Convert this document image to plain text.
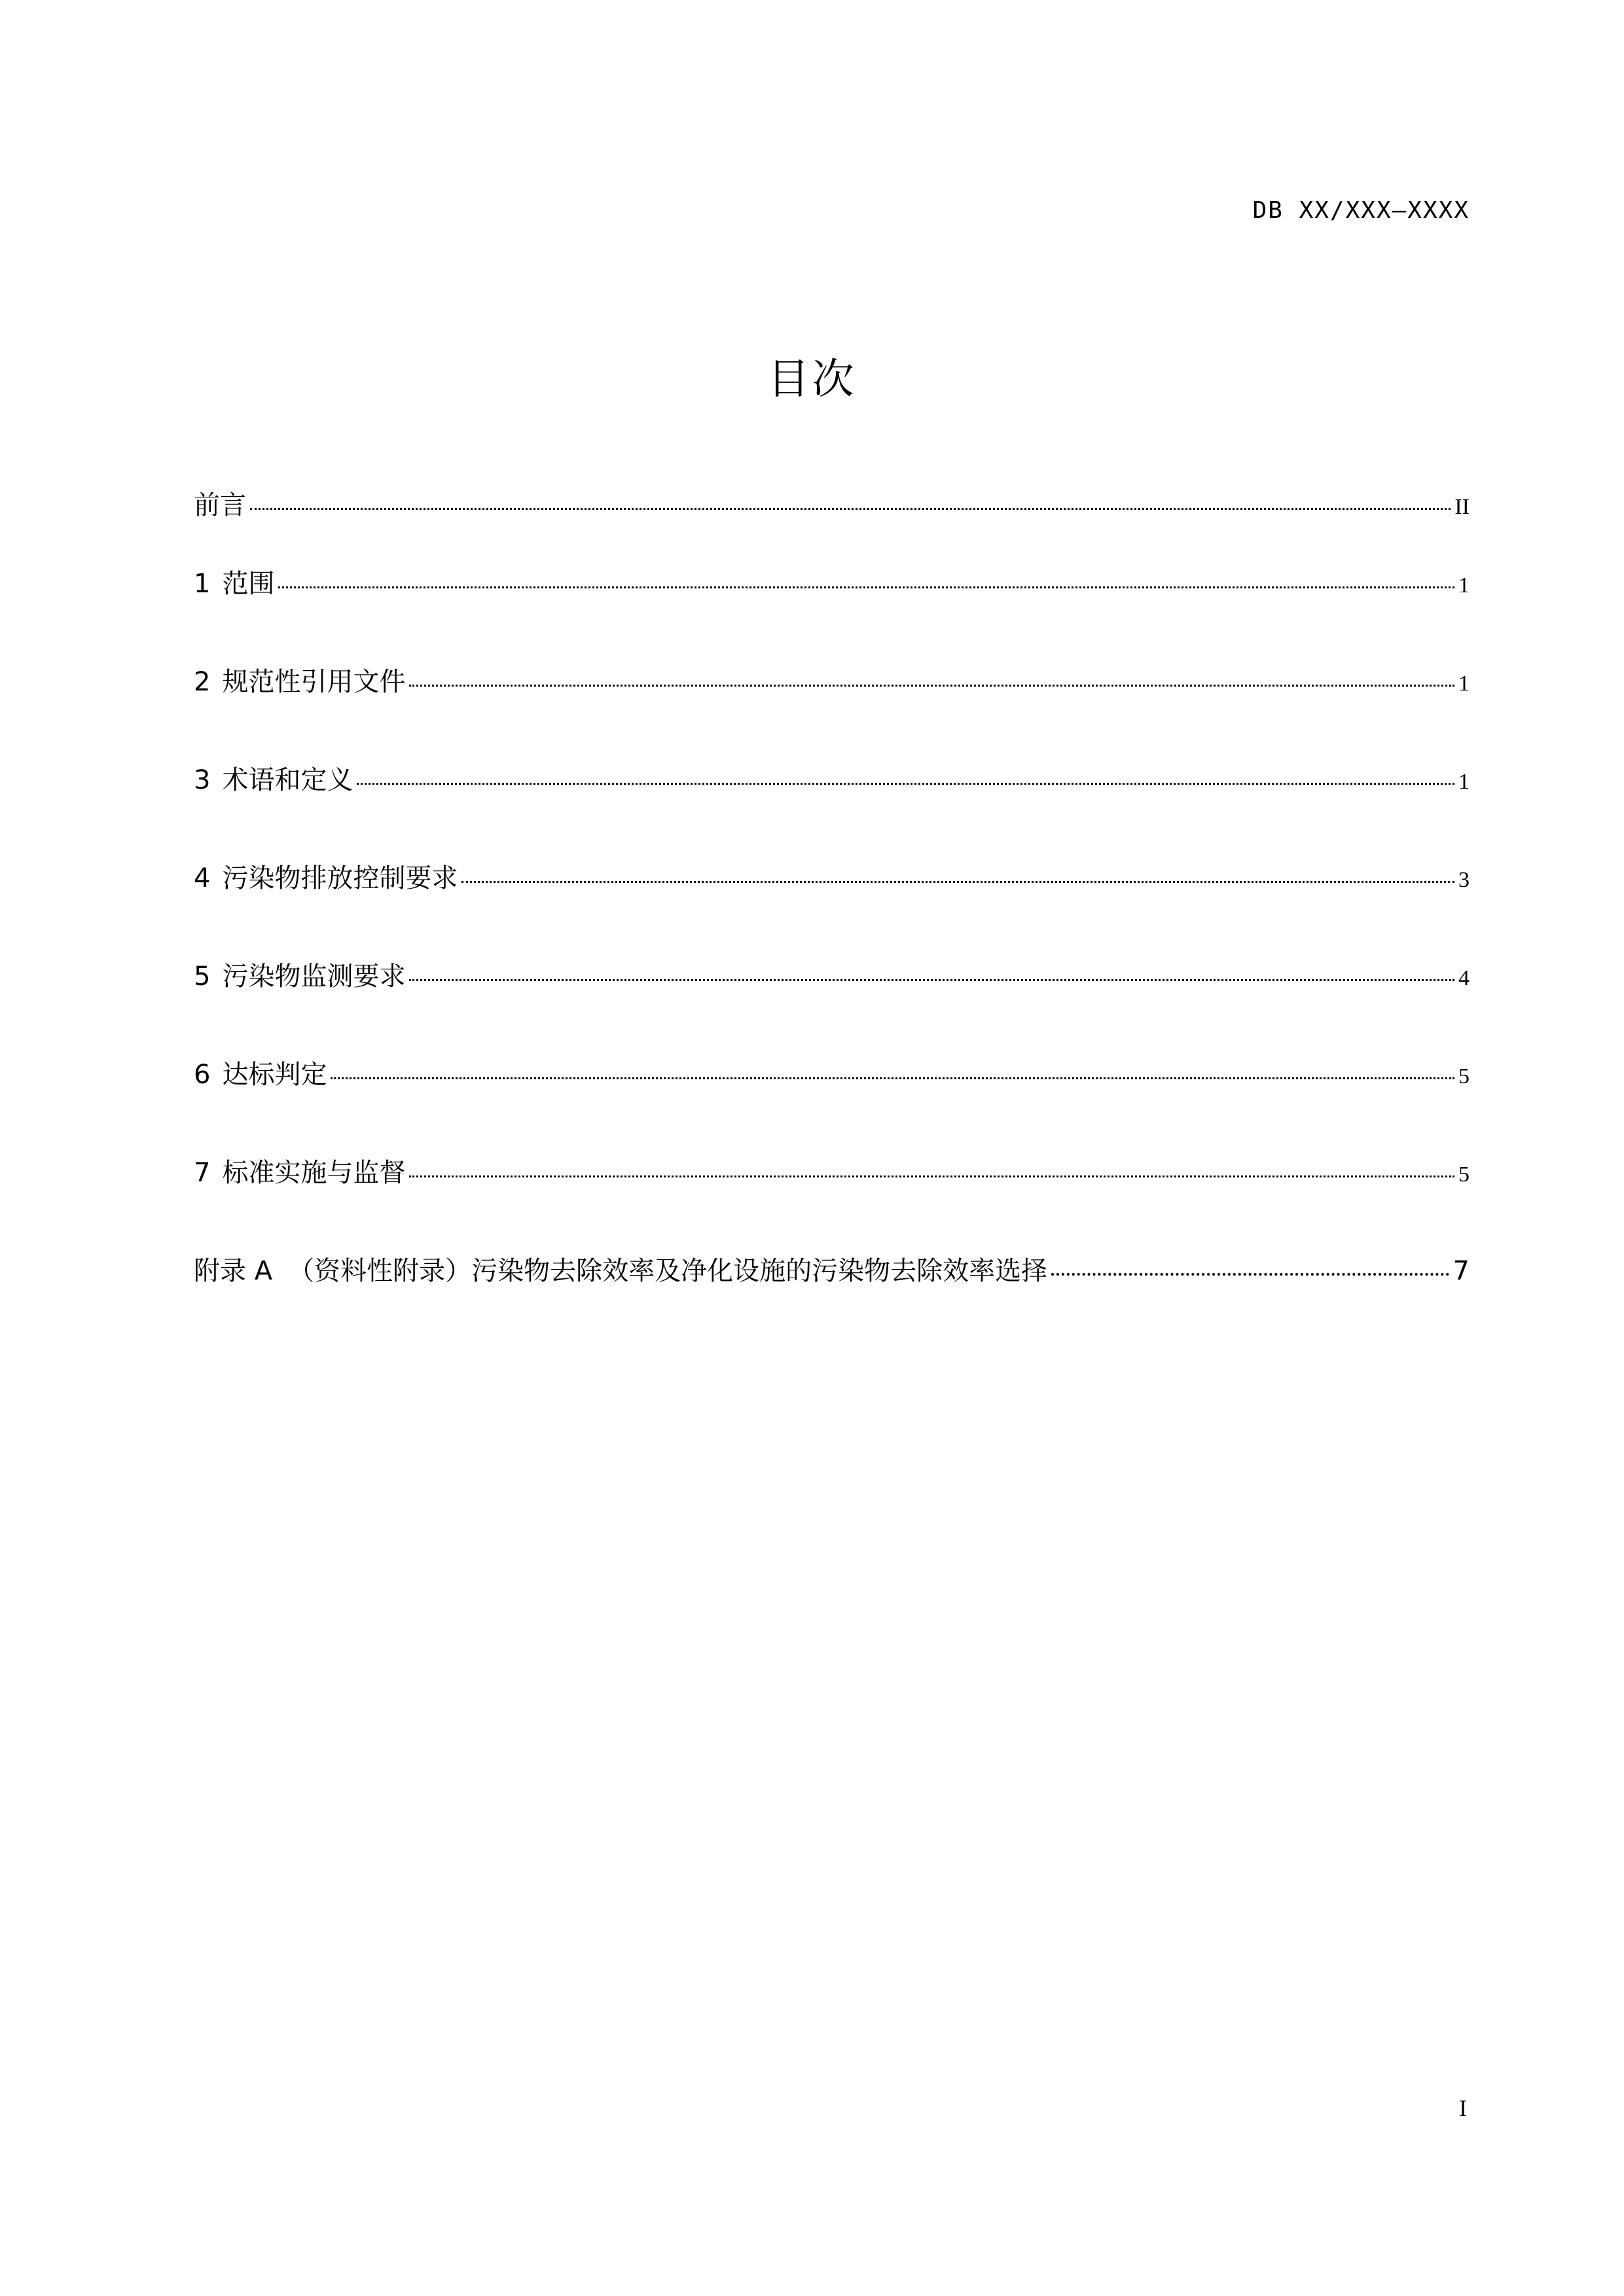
DB XX/XXX—XXXX
目次
前言	II
1 范围	1
2 规范性引用文件	1
3 术语和定义	1
4 污染物排放控制要求	3
5 污染物监测要求	4
6 达标判定	5
7 标准实施与监督	5
附录 A （资料性附录）污染物去除效率及净化设施的污染物去除效率选择	7
I
